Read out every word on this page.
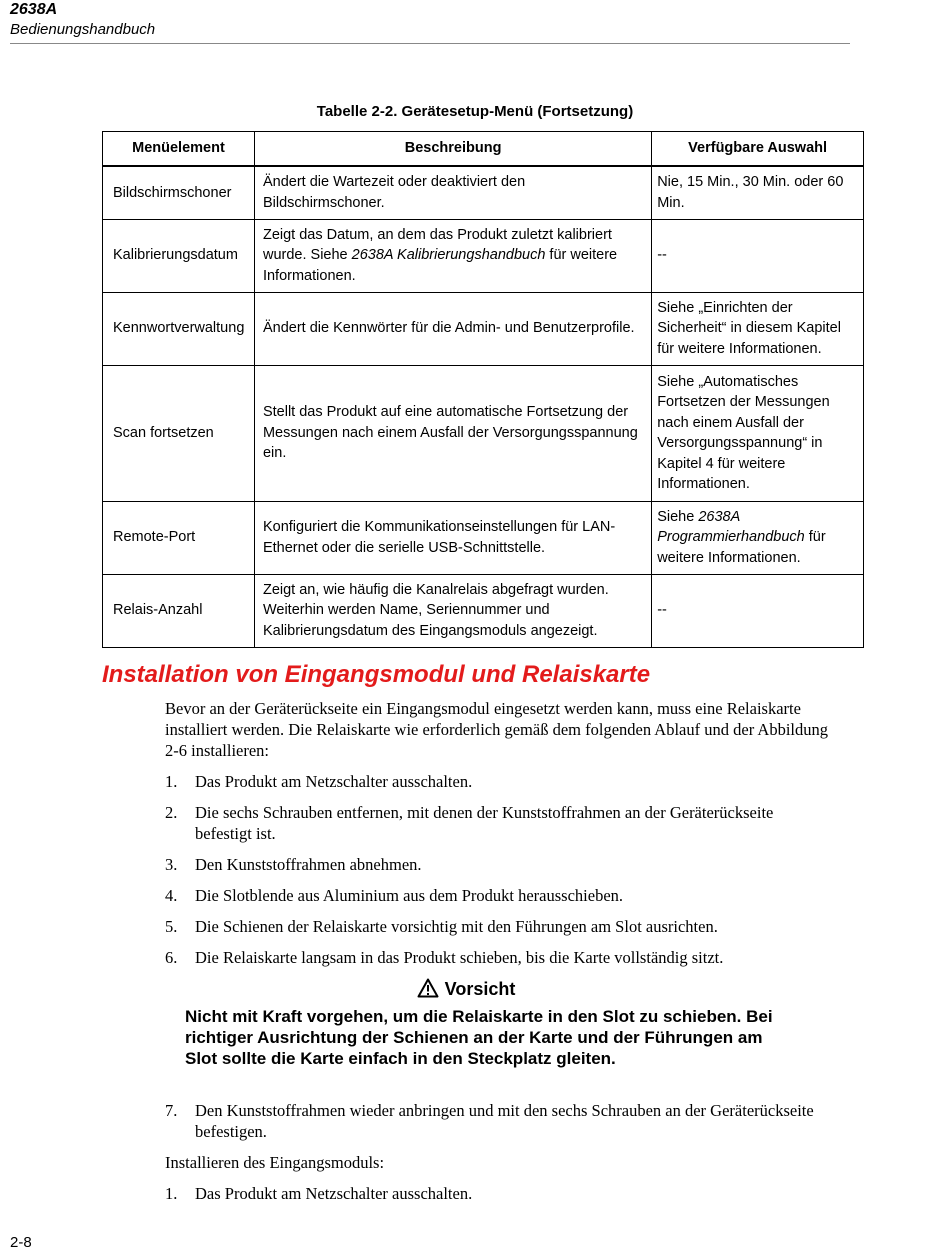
2638A
Bedienungshandbuch
Tabelle 2-2. Gerätesetup-Menü (Fortsetzung)
Menüelement	Beschreibung	Verfügbare Auswahl
Bildschirmschoner	Ändert die Wartezeit oder deaktiviert den Bildschirmschoner.	Nie, 15 Min., 30 Min. oder 60 Min.
Kalibrierungsdatum	Zeigt das Datum, an dem das Produkt zuletzt kalibriert wurde. Siehe 2638A Kalibrierungshandbuch für weitere Informationen.	--
Kennwortverwaltung	Ändert die Kennwörter für die Admin- und Benutzerprofile.	Siehe „Einrichten der Sicherheit“ in diesem Kapitel für weitere Informationen.
Scan fortsetzen	Stellt das Produkt auf eine automatische Fortsetzung der Messungen nach einem Ausfall der Versorgungsspannung ein.	Siehe „Automatisches Fortsetzen der Messungen nach einem Ausfall der Versorgungsspannung“ in Kapitel 4 für weitere Informationen.
Remote-Port	Konfiguriert die Kommunikationseinstellungen für LAN-Ethernet oder die serielle USB-Schnittstelle.	Siehe 2638A Programmierhandbuch für weitere Informationen.
Relais-Anzahl	Zeigt an, wie häufig die Kanalrelais abgefragt wurden. Weiterhin werden Name, Seriennummer und Kalibrierungsdatum des Eingangsmoduls angezeigt.	--
Installation von Eingangsmodul und Relaiskarte
Bevor an der Geräterückseite ein Eingangsmodul eingesetzt werden kann, muss eine Relaiskarte installiert werden. Die Relaiskarte wie erforderlich gemäß dem folgenden Ablauf und der Abbildung 2-6 installieren:
1. Das Produkt am Netzschalter ausschalten.
2. Die sechs Schrauben entfernen, mit denen der Kunststoffrahmen an der Geräterückseite befestigt ist.
3. Den Kunststoffrahmen abnehmen.
4. Die Slotblende aus Aluminium aus dem Produkt herausschieben.
5. Die Schienen der Relaiskarte vorsichtig mit den Führungen am Slot ausrichten.
6. Die Relaiskarte langsam in das Produkt schieben, bis die Karte vollständig sitzt.
Vorsicht
Nicht mit Kraft vorgehen, um die Relaiskarte in den Slot zu schieben. Bei richtiger Ausrichtung der Schienen an der Karte und der Führungen am Slot sollte die Karte einfach in den Steckplatz gleiten.
7. Den Kunststoffrahmen wieder anbringen und mit den sechs Schrauben an der Geräterückseite befestigen.
Installieren des Eingangsmoduls:
1. Das Produkt am Netzschalter ausschalten.
2-8
